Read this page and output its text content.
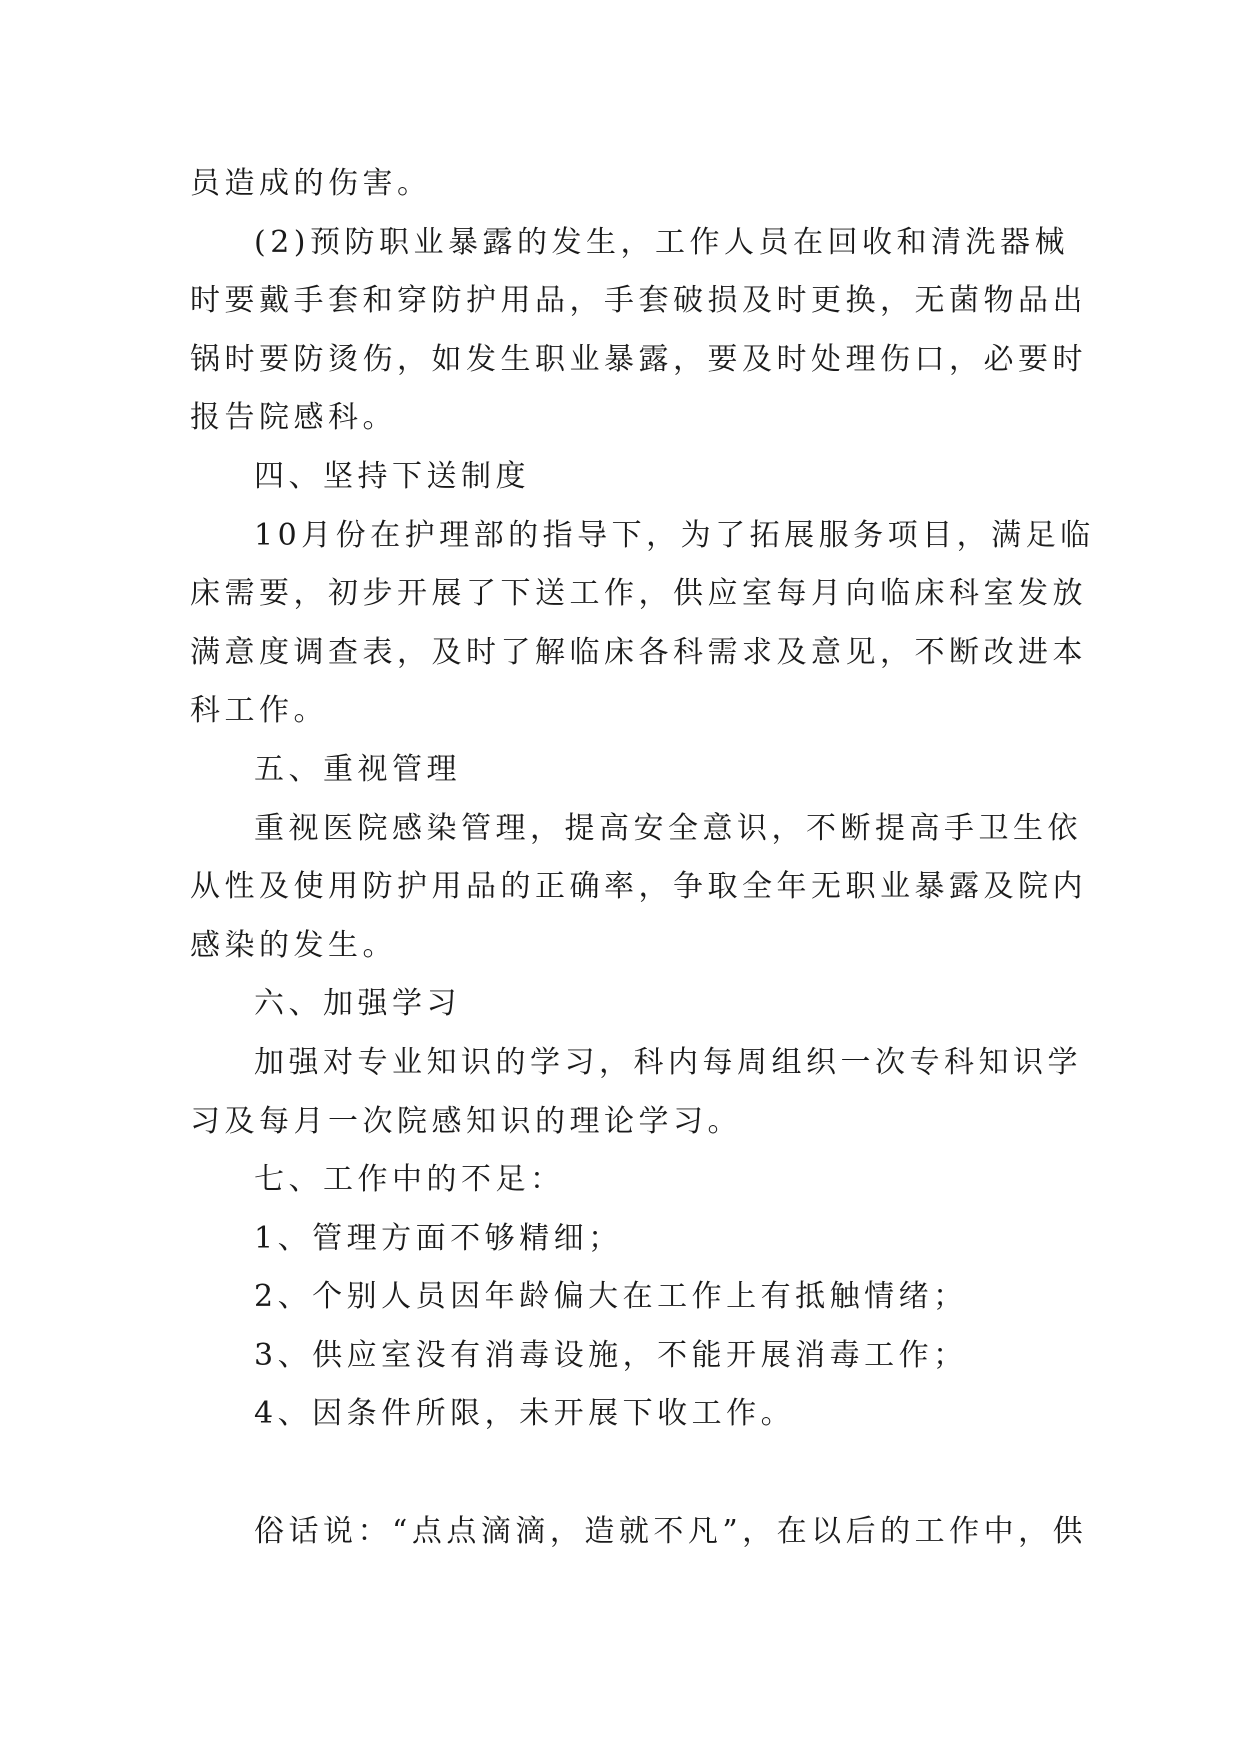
员造成的伤害。
(2)预防职业暴露的发生，工作人员在回收和清洗器械
时要戴手套和穿防护用品，手套破损及时更换，无菌物品出
锅时要防烫伤，如发生职业暴露，要及时处理伤口，必要时
报告院感科。
四、坚持下送制度
10月份在护理部的指导下，为了拓展服务项目，满足临
床需要，初步开展了下送工作，供应室每月向临床科室发放
满意度调查表，及时了解临床各科需求及意见，不断改进本
科工作。
五、重视管理
重视医院感染管理，提高安全意识，不断提高手卫生依
从性及使用防护用品的正确率，争取全年无职业暴露及院内
感染的发生。
六、加强学习
加强对专业知识的学习，科内每周组织一次专科知识学
习及每月一次院感知识的理论学习。
七、工作中的不足：
1、管理方面不够精细；
2、个别人员因年龄偏大在工作上有抵触情绪；
3、供应室没有消毒设施，不能开展消毒工作；
4、因条件所限，未开展下收工作。
俗话说：“点点滴滴，造就不凡”，在以后的工作中，供
